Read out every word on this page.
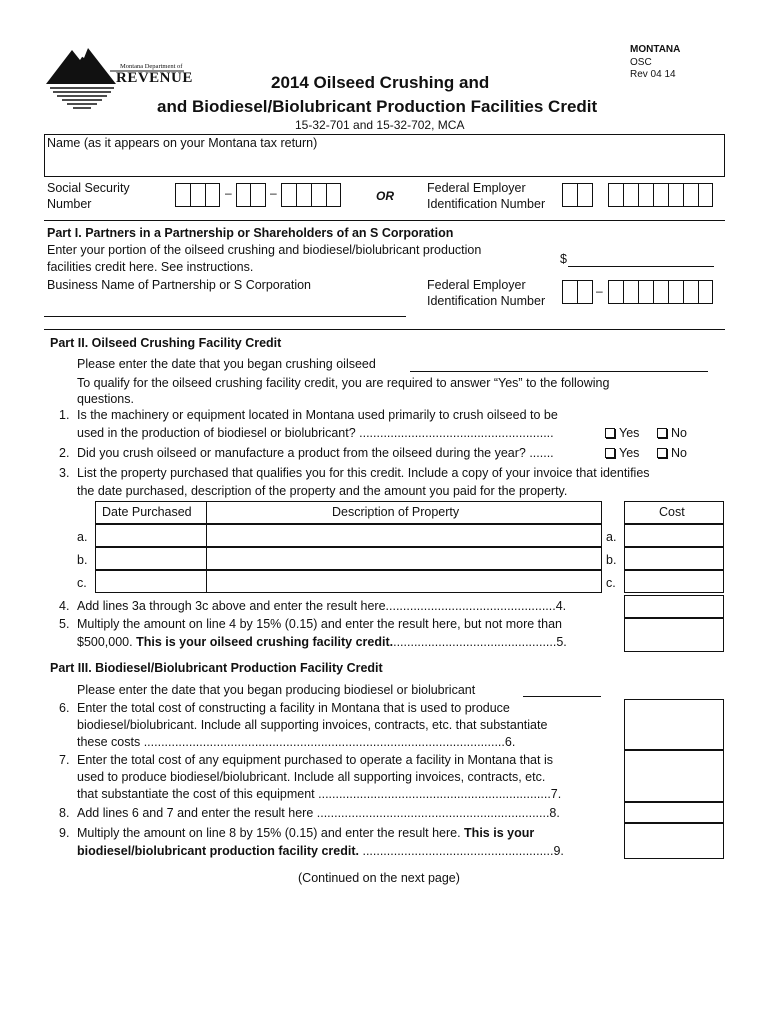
Montana Department of
REVENUE
MONTANA
OSC
Rev 04 14
2014 Oilseed Crushing and
and Biodiesel/Biolubricant Production Facilities Credit
15-32-701 and 15-32-702, MCA
Name (as it appears on your Montana tax return)
Social Security
Number
–	–	OR
Federal Employer
Identification Number
Part I. Partners in a Partnership or Shareholders of an S Corporation
Enter your portion of the oilseed crushing and biodiesel/biolubricant production
facilities credit here. See instructions.
$
Business Name of Partnership or S Corporation	Federal Employer
Identification Number
–
Part II. Oilseed Crushing Facility Credit
Please enter the date that you began crushing oilseed
To qualify for the oilseed crushing facility credit, you are required to answer “Yes” to the following
questions.
1. Is the machinery or equipment located in Montana used primarily to crush oilseed to be
used in the production of biodiesel or biolubricant? ........................................................	Yes	No
2. Did you crush oilseed or manufacture a product from the oilseed during the year? .......	Yes	No
3. List the property purchased that qualifies you for this credit. Include a copy of your invoice that identifies
the date purchased, description of the property and the amount you paid for the property.
Date Purchased	Description of Property	Cost
a.	a.
b.	b.
c.	c.
4. Add lines 3a through 3c above and enter the result here.................................................4.
5. Multiply the amount on line 4 by 15% (0.15) and enter the result here, but not more than
$500,000. This is your oilseed crushing facility credit................................................5.
Part III. Biodiesel/Biolubricant Production Facility Credit
Please enter the date that you began producing biodiesel or biolubricant
6. Enter the total cost of constructing a facility in Montana that is used to produce
biodiesel/biolubricant. Include all supporting invoices, contracts, etc. that substantiate
these costs ........................................................................................................6.
7. Enter the total cost of any equipment purchased to operate a facility in Montana that is
used to produce biodiesel/biolubricant. Include all supporting invoices, contracts, etc.
that substantiate the cost of this equipment ...................................................................7.
8. Add lines 6 and 7 and enter the result here ...................................................................8.
9. Multiply the amount on line 8 by 15% (0.15) and enter the result here. This is your
biodiesel/biolubricant production facility credit. .......................................................9.
(Continued on the next page)
